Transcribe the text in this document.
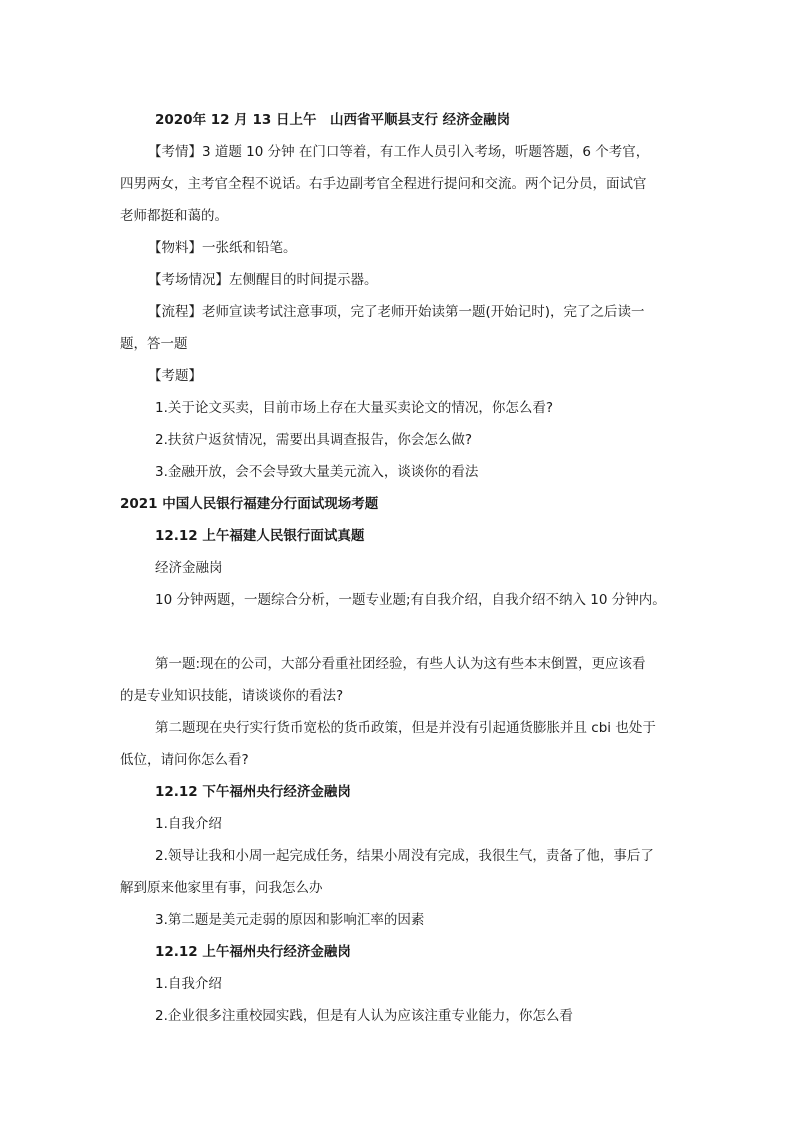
2020年 12 月 13 日上午　山西省平顺县支行 经济金融岗
【考情】3 道题 10 分钟 在门口等着，有工作人员引入考场，听题答题，6 个考官，
四男两女，主考官全程不说话。右手边副考官全程进行提问和交流。两个记分员，面试官
老师都挺和蔼的。
【物料】一张纸和铅笔。
【考场情况】左侧醒目的时间提示器。
【流程】老师宣读考试注意事项，完了老师开始读第一题(开始记时)，完了之后读一
题，答一题
【考题】
1.关于论文买卖，目前市场上存在大量买卖论文的情况，你怎么看?
2.扶贫户返贫情况，需要出具调查报告，你会怎么做?
3.金融开放，会不会导致大量美元流入，谈谈你的看法
2021 中国人民银行福建分行面试现场考题
12.12 上午福建人民银行面试真题
经济金融岗
10 分钟两题，一题综合分析，一题专业题;有自我介绍，自我介绍不纳入 10 分钟内。
第一题:现在的公司，大部分看重社团经验，有些人认为这有些本末倒置，更应该看
的是专业知识技能，请谈谈你的看法?
第二题现在央行实行货币宽松的货币政策，但是并没有引起通货膨胀并且 cbi 也处于
低位，请问你怎么看?
12.12 下午福州央行经济金融岗
1.自我介绍
2.领导让我和小周一起完成任务，结果小周没有完成，我很生气，责备了他，事后了
解到原来他家里有事，问我怎么办
3.第二题是美元走弱的原因和影响汇率的因素
12.12 上午福州央行经济金融岗
1.自我介绍
2.企业很多注重校园实践，但是有人认为应该注重专业能力，你怎么看
